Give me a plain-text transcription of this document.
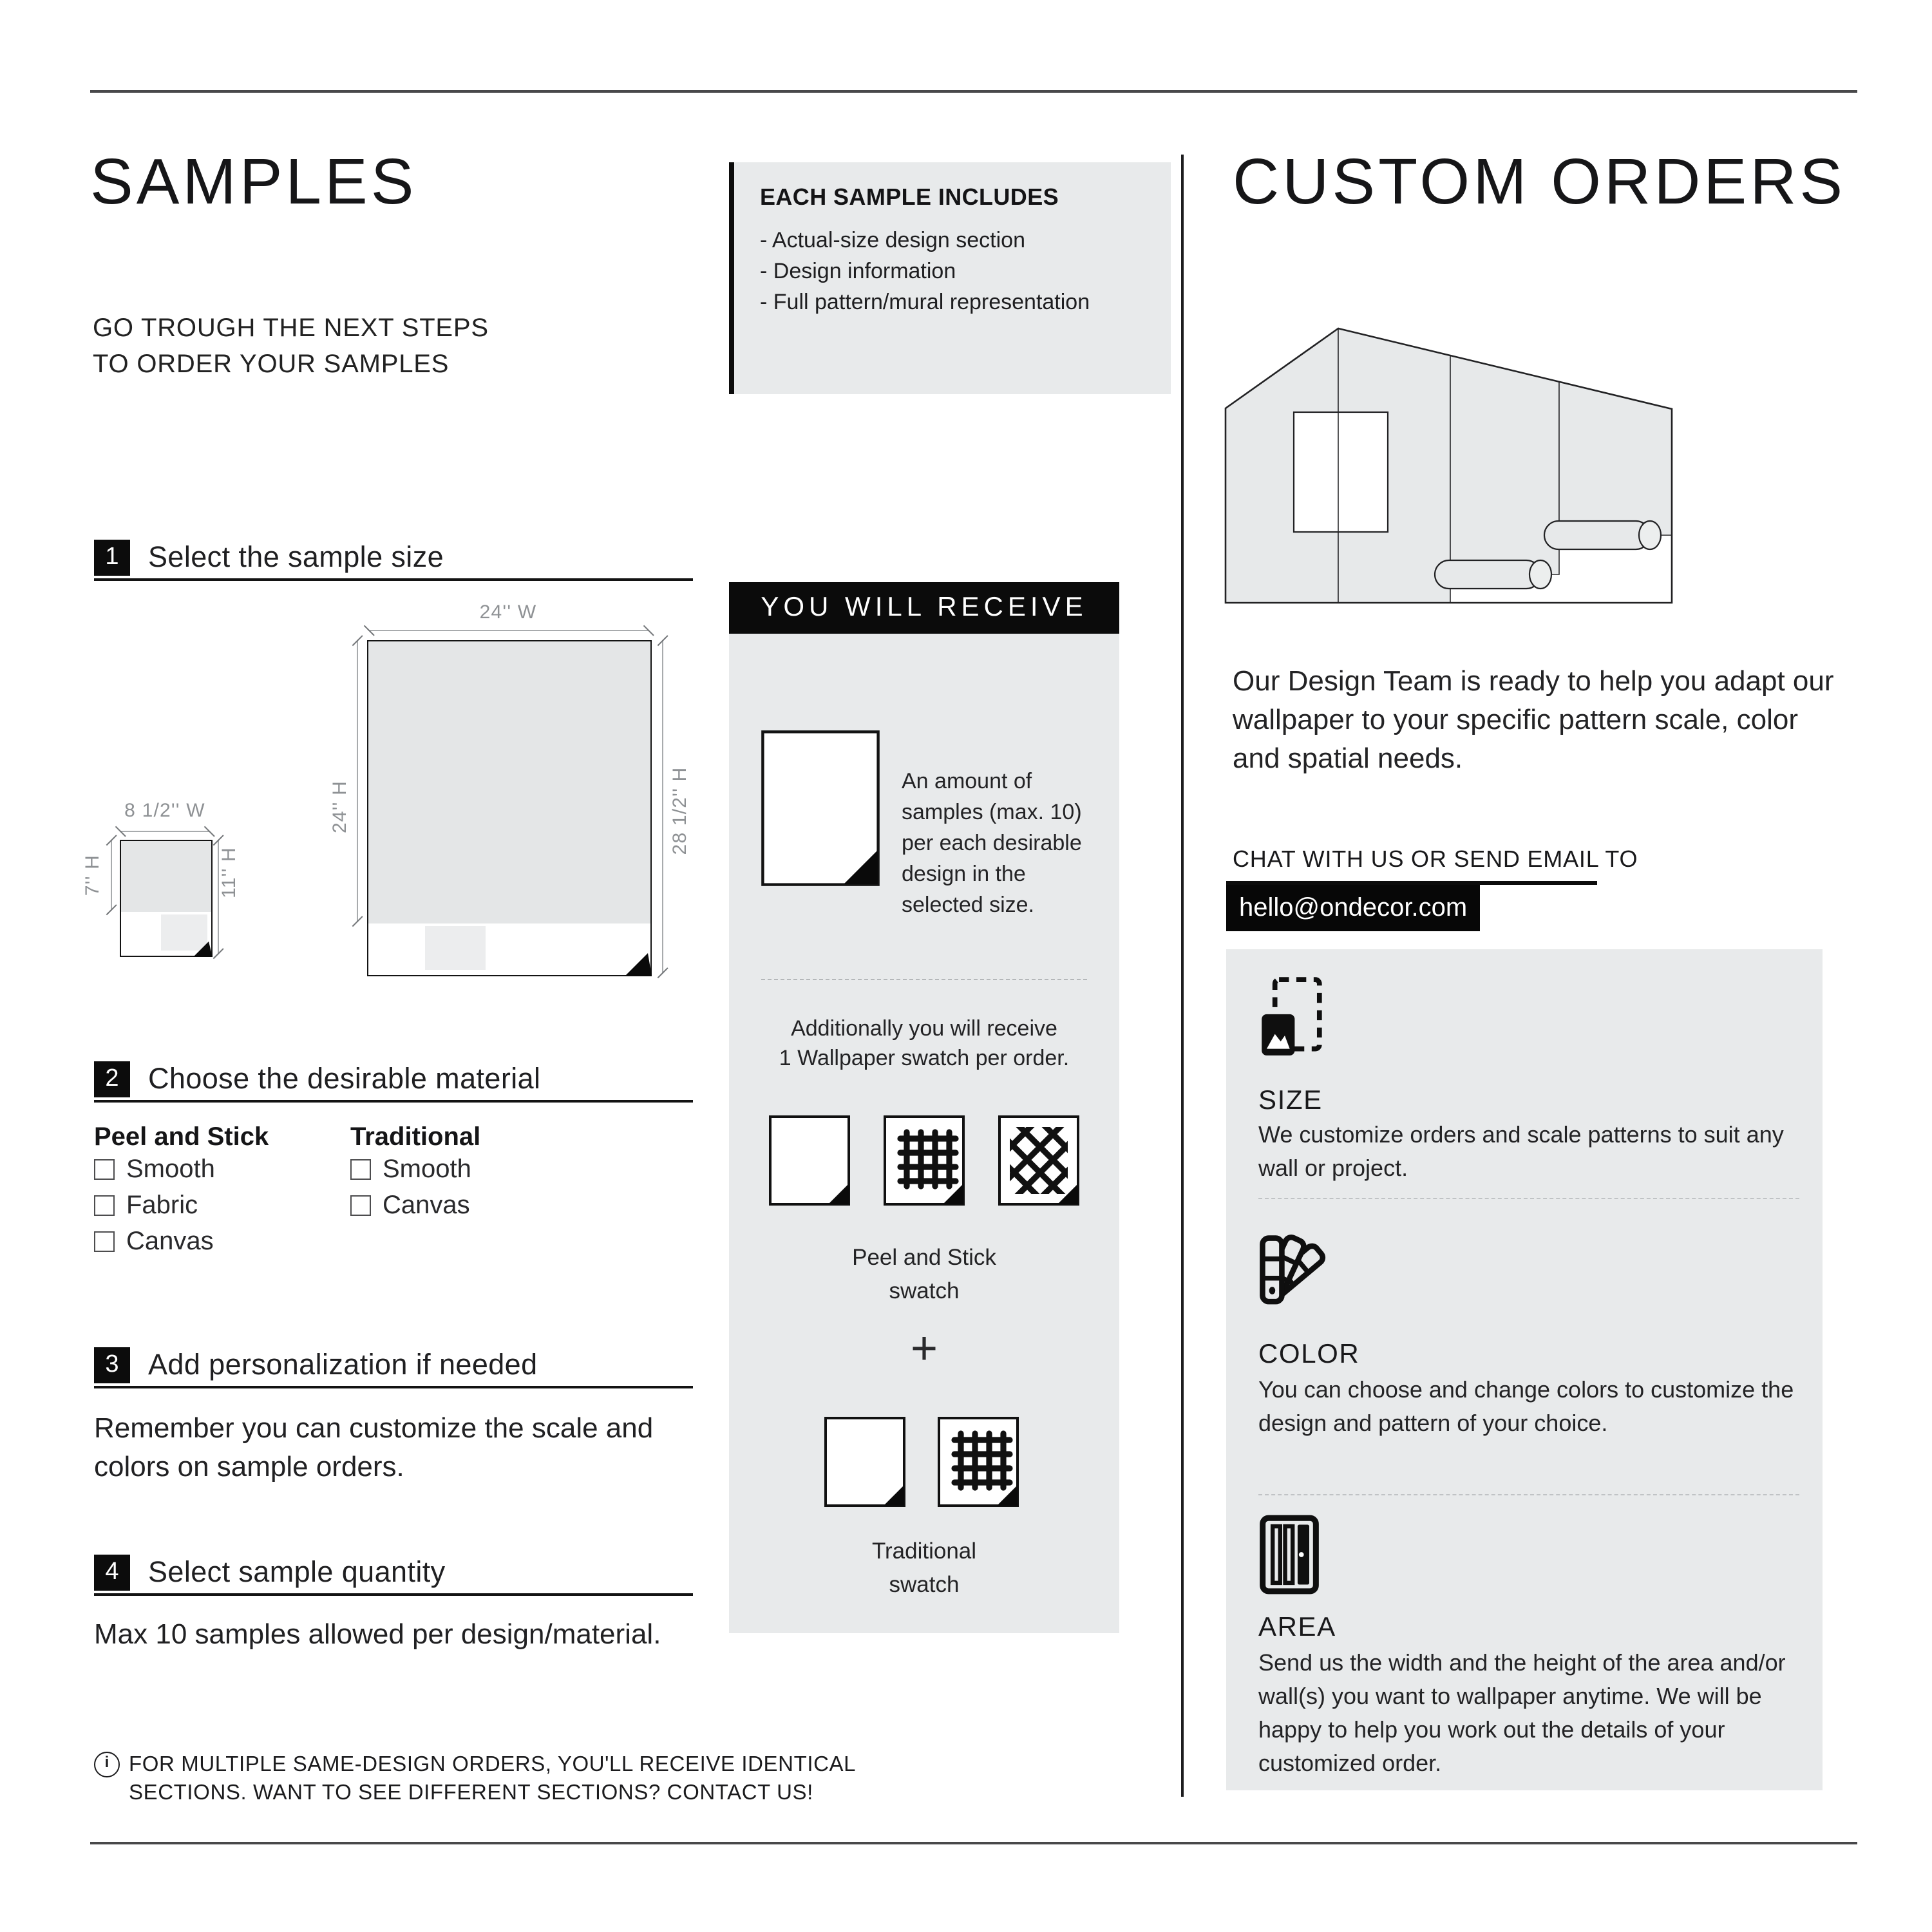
SAMPLES
GO TROUGH THE NEXT STEPS
TO ORDER YOUR SAMPLES
EACH SAMPLE INCLUDES
- Actual-size design section
- Design information
- Full pattern/mural representation
1	Select the sample size
24'' W
24'' H	28 1/2'' H
8 1/2'' W
7'' H	11'' H
2	Choose the desirable material
Peel and Stick	Traditional
Smooth
Fabric
Canvas
Smooth
Canvas
3	Add personalization if needed
Remember you can customize the scale and colors on sample orders.
4	Select sample quantity
Max 10 samples allowed per design/material.
i	FOR MULTIPLE SAME-DESIGN ORDERS, YOU'LL RECEIVE IDENTICAL
SECTIONS. WANT TO SEE DIFFERENT SECTIONS? CONTACT US!
YOU WILL RECEIVE
An amount of samples (max. 10) per each desirable design in the selected size.
Additionally you will receive
1 Wallpaper swatch per order.
Peel and Stick
swatch
+
Traditional
swatch
CUSTOM ORDERS
Our Design Team is ready to help you adapt our wallpaper to your specific pattern scale, color and spatial needs.
CHAT WITH US OR SEND EMAIL TO
hello@ondecor.com
SIZE
We customize orders and scale patterns to suit any wall or project.
COLOR
You can choose and change colors to customize the design and pattern of your choice.
AREA
Send us the width and the height of the area and/or wall(s) you want to wallpaper anytime. We will be happy to help you work out the details of your customized order.
